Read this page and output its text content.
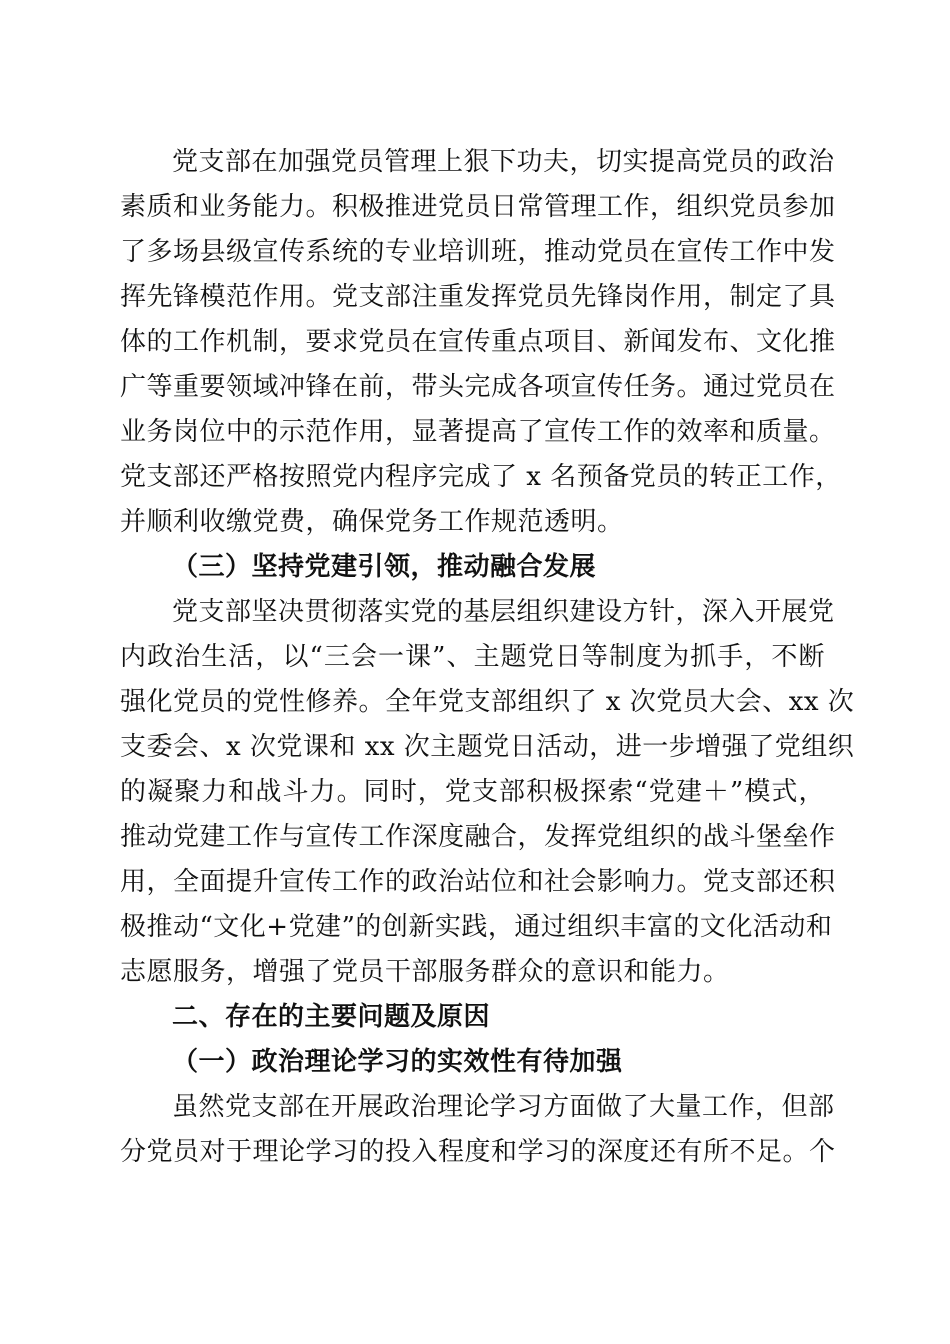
党支部在加强党员管理上狠下功夫，切实提高党员的政治
素质和业务能力。积极推进党员日常管理工作，组织党员参加
了多场县级宣传系统的专业培训班，推动党员在宣传工作中发
挥先锋模范作用。党支部注重发挥党员先锋岗作用，制定了具
体的工作机制，要求党员在宣传重点项目、新闻发布、文化推
广等重要领域冲锋在前，带头完成各项宣传任务。通过党员在
业务岗位中的示范作用，显著提高了宣传工作的效率和质量。
党支部还严格按照党内程序完成了 x 名预备党员的转正工作，
并顺利收缴党费，确保党务工作规范透明。
（三）坚持党建引领，推动融合发展
党支部坚决贯彻落实党的基层组织建设方针，深入开展党
内政治生活，以“三会一课”、主题党日等制度为抓手，不断
强化党员的党性修养。全年党支部组织了 x 次党员大会、xx 次
支委会、x 次党课和 xx 次主题党日活动，进一步增强了党组织
的凝聚力和战斗力。同时，党支部积极探索“党建＋”模式，
推动党建工作与宣传工作深度融合，发挥党组织的战斗堡垒作
用，全面提升宣传工作的政治站位和社会影响力。党支部还积
极推动“文化+党建”的创新实践，通过组织丰富的文化活动和
志愿服务，增强了党员干部服务群众的意识和能力。
二、存在的主要问题及原因
（一）政治理论学习的实效性有待加强
虽然党支部在开展政治理论学习方面做了大量工作，但部
分党员对于理论学习的投入程度和学习的深度还有所不足。个
